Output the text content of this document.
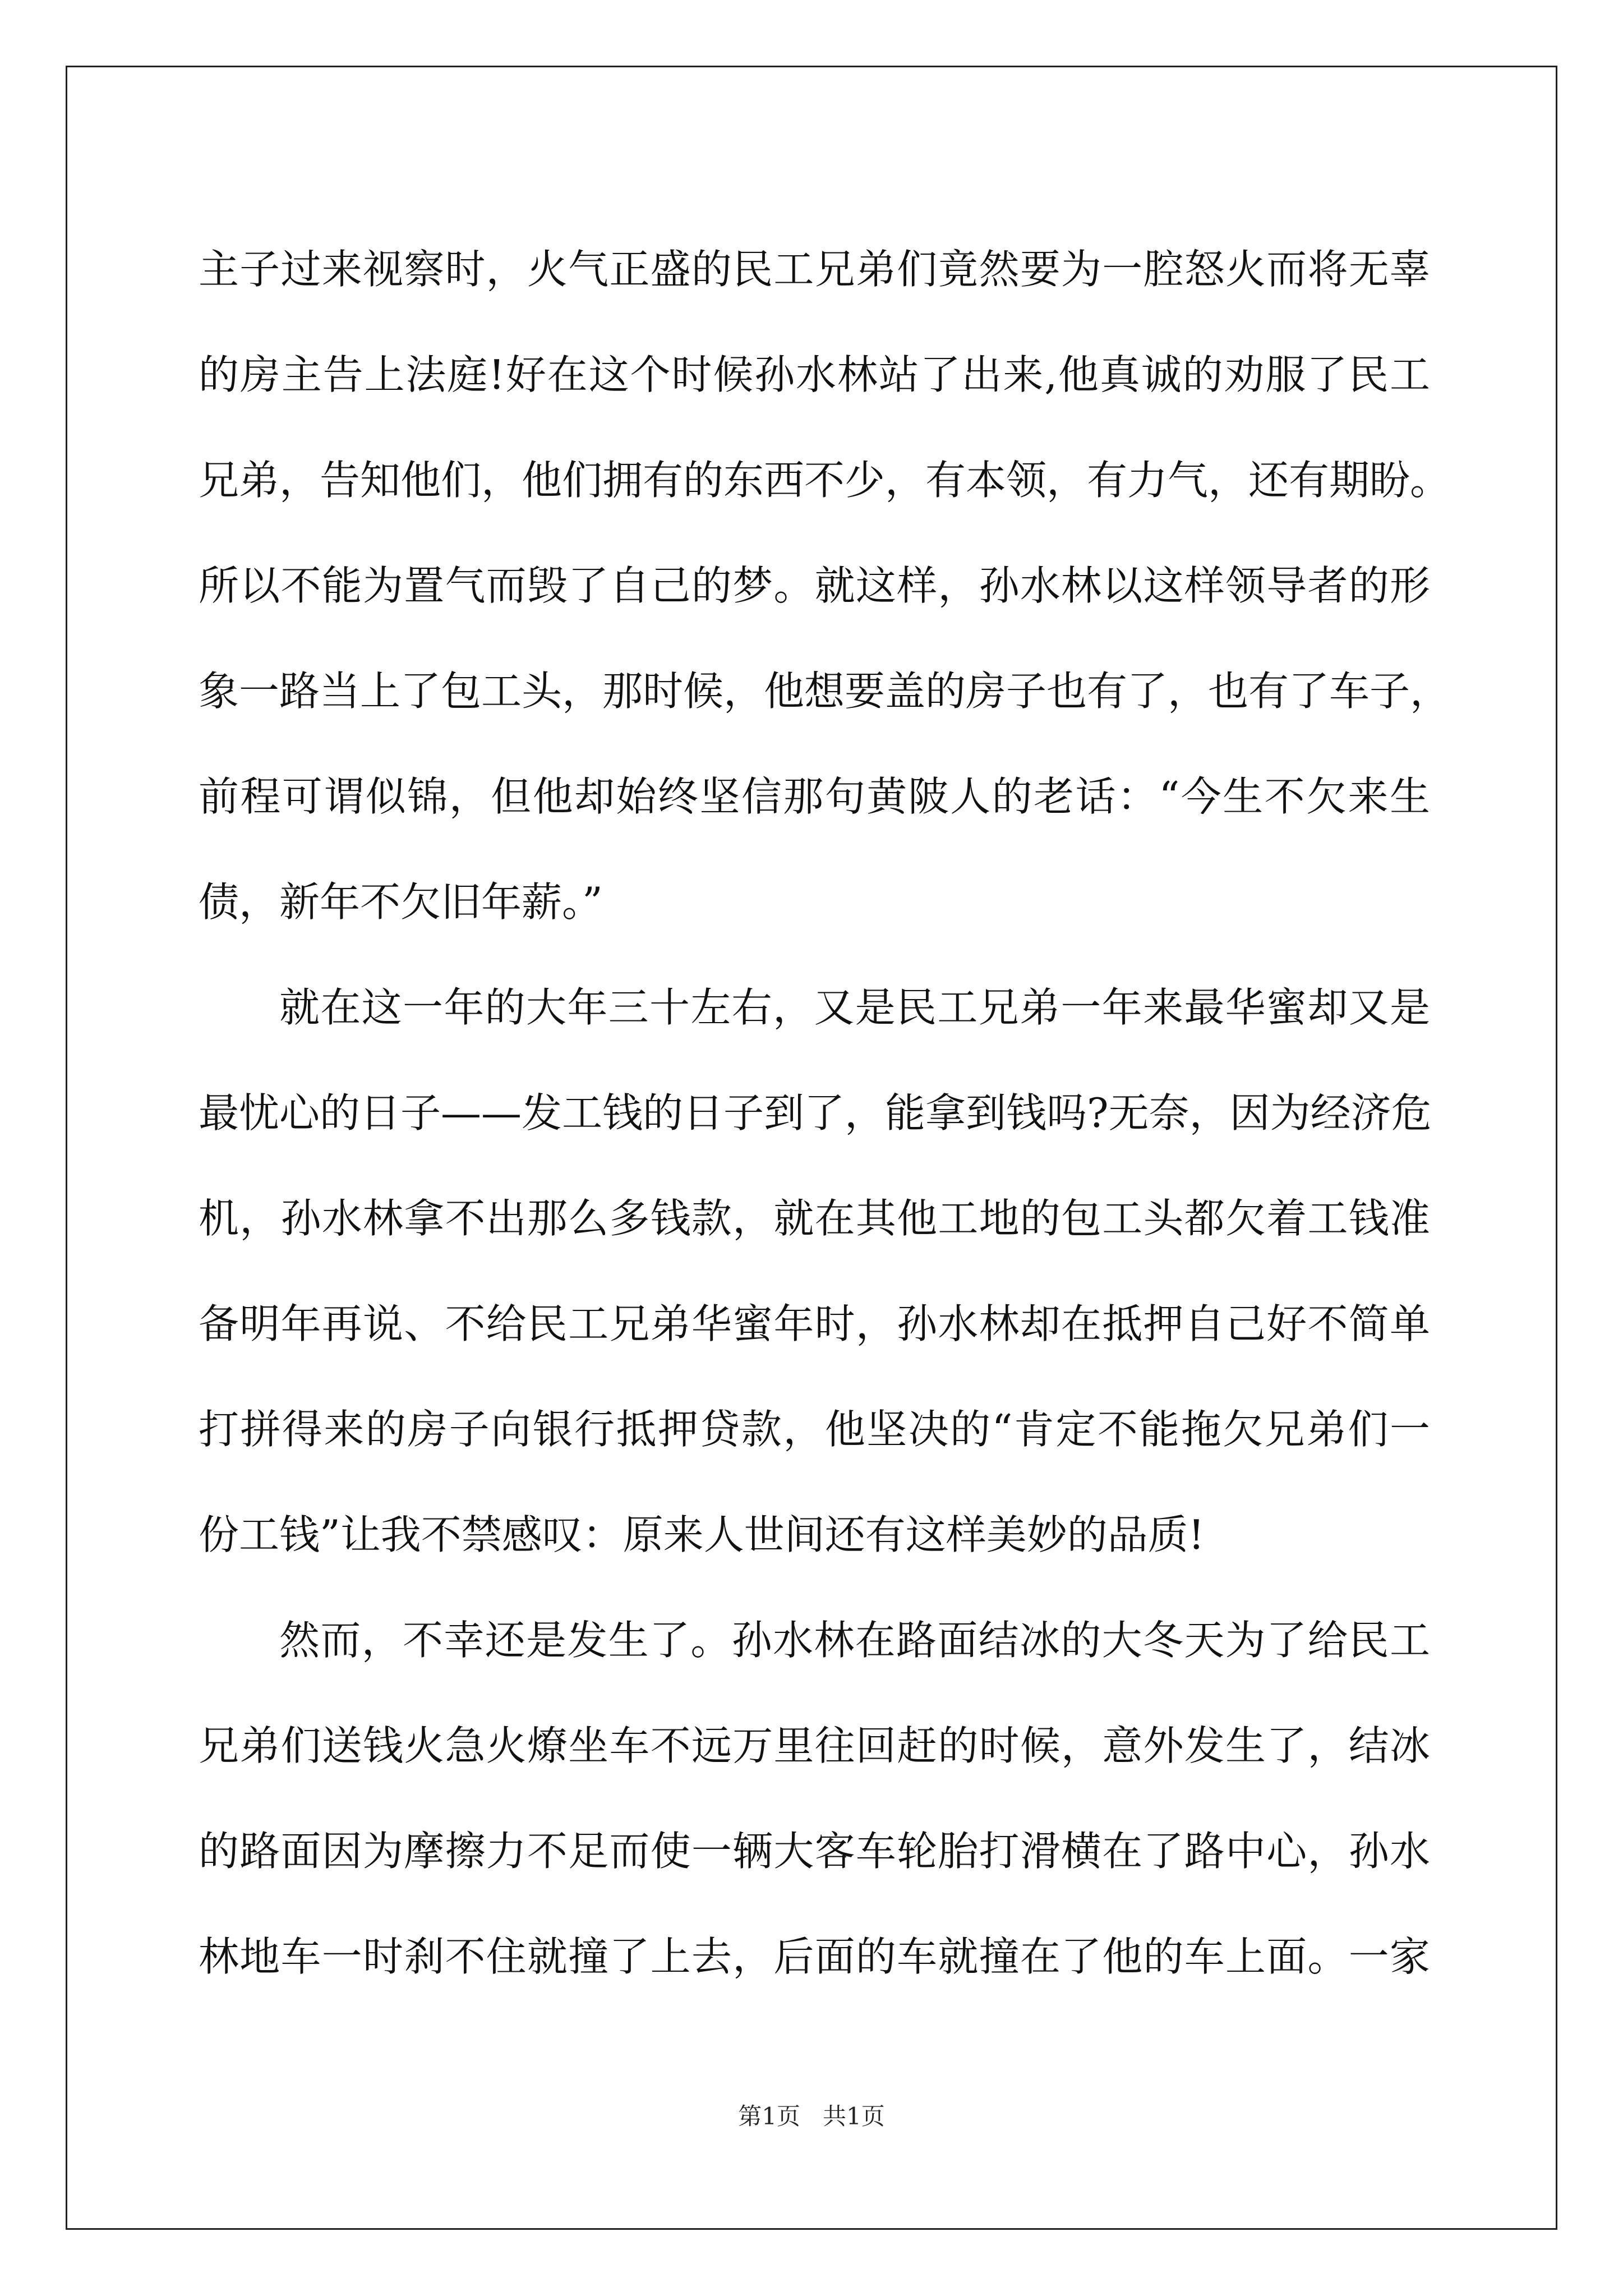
主子过来视察时，火气正盛的民工兄弟们竟然要为一腔怒火而将无辜
的房主告上法庭!好在这个时候孙水林站了出来,他真诚的劝服了民工
兄弟，告知他们，他们拥有的东西不少，有本领，有力气，还有期盼。
所以不能为置气而毁了自己的梦。就这样，孙水林以这样领导者的形
象一路当上了包工头，那时候，他想要盖的房子也有了，也有了车子，
前程可谓似锦，但他却始终坚信那句黄陂人的老话：“今生不欠来生
债，新年不欠旧年薪。”
就在这一年的大年三十左右，又是民工兄弟一年来最华蜜却又是
最忧心的日子——发工钱的日子到了，能拿到钱吗?无奈，因为经济危
机，孙水林拿不出那么多钱款，就在其他工地的包工头都欠着工钱准
备明年再说、不给民工兄弟华蜜年时，孙水林却在抵押自己好不简单
打拼得来的房子向银行抵押贷款，他坚决的“肯定不能拖欠兄弟们一
份工钱”让我不禁感叹：原来人世间还有这样美妙的品质!
然而，不幸还是发生了。孙水林在路面结冰的大冬天为了给民工
兄弟们送钱火急火燎坐车不远万里往回赶的时候，意外发生了，结冰
的路面因为摩擦力不足而使一辆大客车轮胎打滑横在了路中心，孙水
林地车一时刹不住就撞了上去，后面的车就撞在了他的车上面。一家
第1页   共1页
